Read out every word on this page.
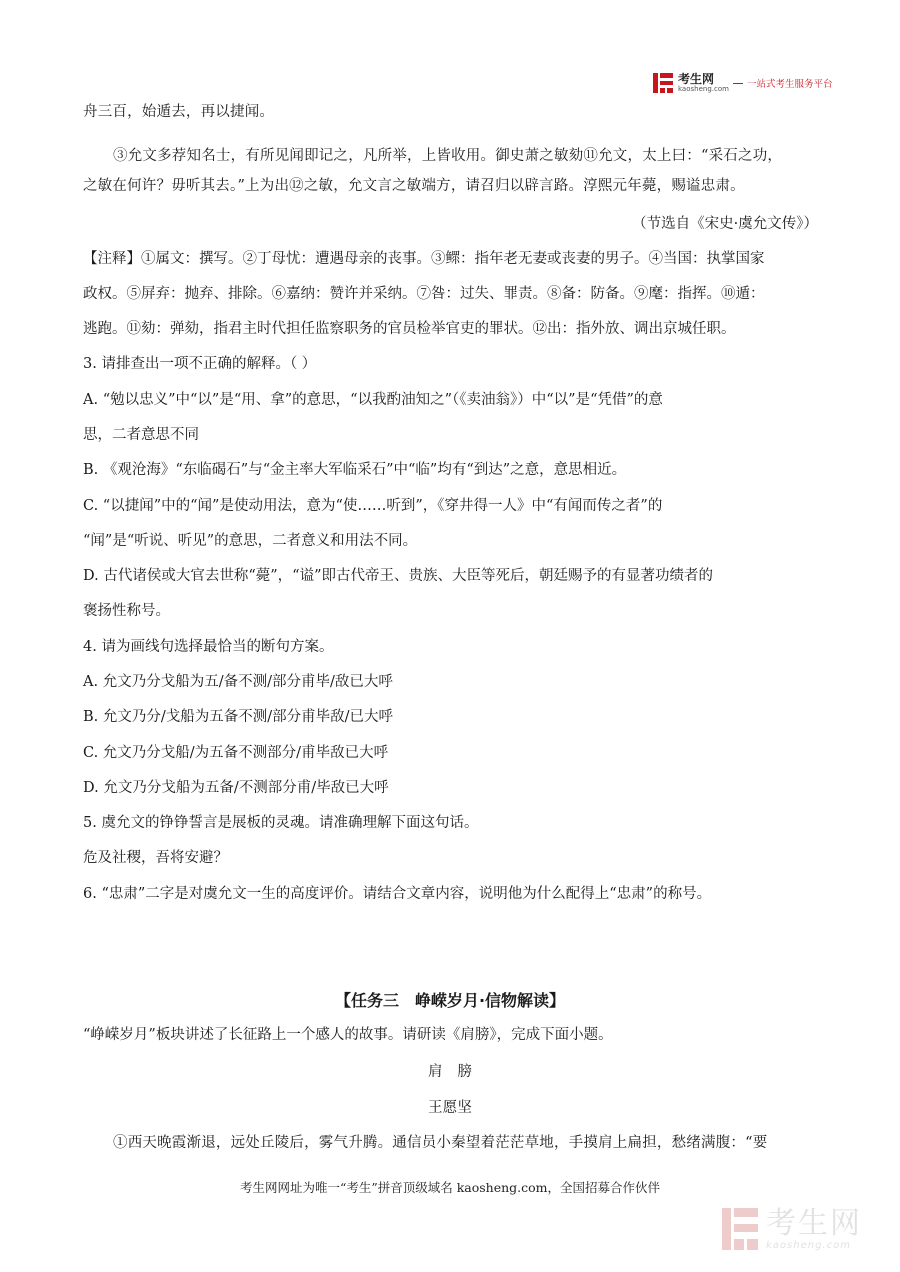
考生网
kaosheng.com 一站式考生服务平台
舟三百，始遁去，再以捷闻。
③允文多荐知名士，有所见闻即记之，凡所举，上皆收用。御史萧之敏劾⑪允文，太上曰：“采石之功，
之敏在何许？毋听其去。”上为出⑫之敏，允文言之敏端方，请召归以辟言路。淳熙元年薨，赐谥忠肃。
（节选自《宋史·虞允文传》）
【注释】①属文：撰写。②丁母忧：遭遇母亲的丧事。③鳏：指年老无妻或丧妻的男子。④当国：执掌国家
政权。⑤屏弃：抛弃、排除。⑥嘉纳：赞许并采纳。⑦咎：过失、罪责。⑧备：防备。⑨麾：指挥。⑩遁：
逃跑。⑪劾：弹劾，指君主时代担任监察职务的官员检举官吏的罪状。⑫出：指外放、调出京城任职。
3. 请排查出一项不正确的解释。（ ）
A. “勉以忠义”中“以”是“用、拿”的意思，“以我酌油知之”（《卖油翁》）中“以”是“凭借”的意
思，二者意思不同
B. 《观沧海》“东临碣石”与“金主率大军临采石”中“临”均有“到达”之意，意思相近。
C. “以捷闻”中的“闻”是使动用法，意为“使……听到”，《穿井得一人》中“有闻而传之者”的
“闻”是“听说、听见”的意思，二者意义和用法不同。
D. 古代诸侯或大官去世称“薨”，“谥”即古代帝王、贵族、大臣等死后，朝廷赐予的有显著功绩者的
褒扬性称号。
4. 请为画线句选择最恰当的断句方案。
A. 允文乃分戈船为五/备不测/部分甫毕/敌已大呼
B. 允文乃分/戈船为五备不测/部分甫毕敌/已大呼
C. 允文乃分戈船/为五备不测部分/甫毕敌已大呼
D. 允文乃分戈船为五备/不测部分甫/毕敌已大呼
5. 虞允文的铮铮誓言是展板的灵魂。请准确理解下面这句话。
危及社稷，吾将安避？
6. “忠肃”二字是对虞允文一生的高度评价。请结合文章内容，说明他为什么配得上“忠肃”的称号。
【任务三　峥嵘岁月·信物解读】
“峥嵘岁月”板块讲述了长征路上一个感人的故事。请研读《肩膀》，完成下面小题。
肩　膀
王愿坚
①西天晚霞渐退，远处丘陵后，雾气升腾。通信员小秦望着茫茫草地，手摸肩上扁担，愁绪满腹：“要
考生网网址为唯一“考生”拼音顶级域名 kaosheng.com，全国招募合作伙伴
考生网
kaosheng.com
